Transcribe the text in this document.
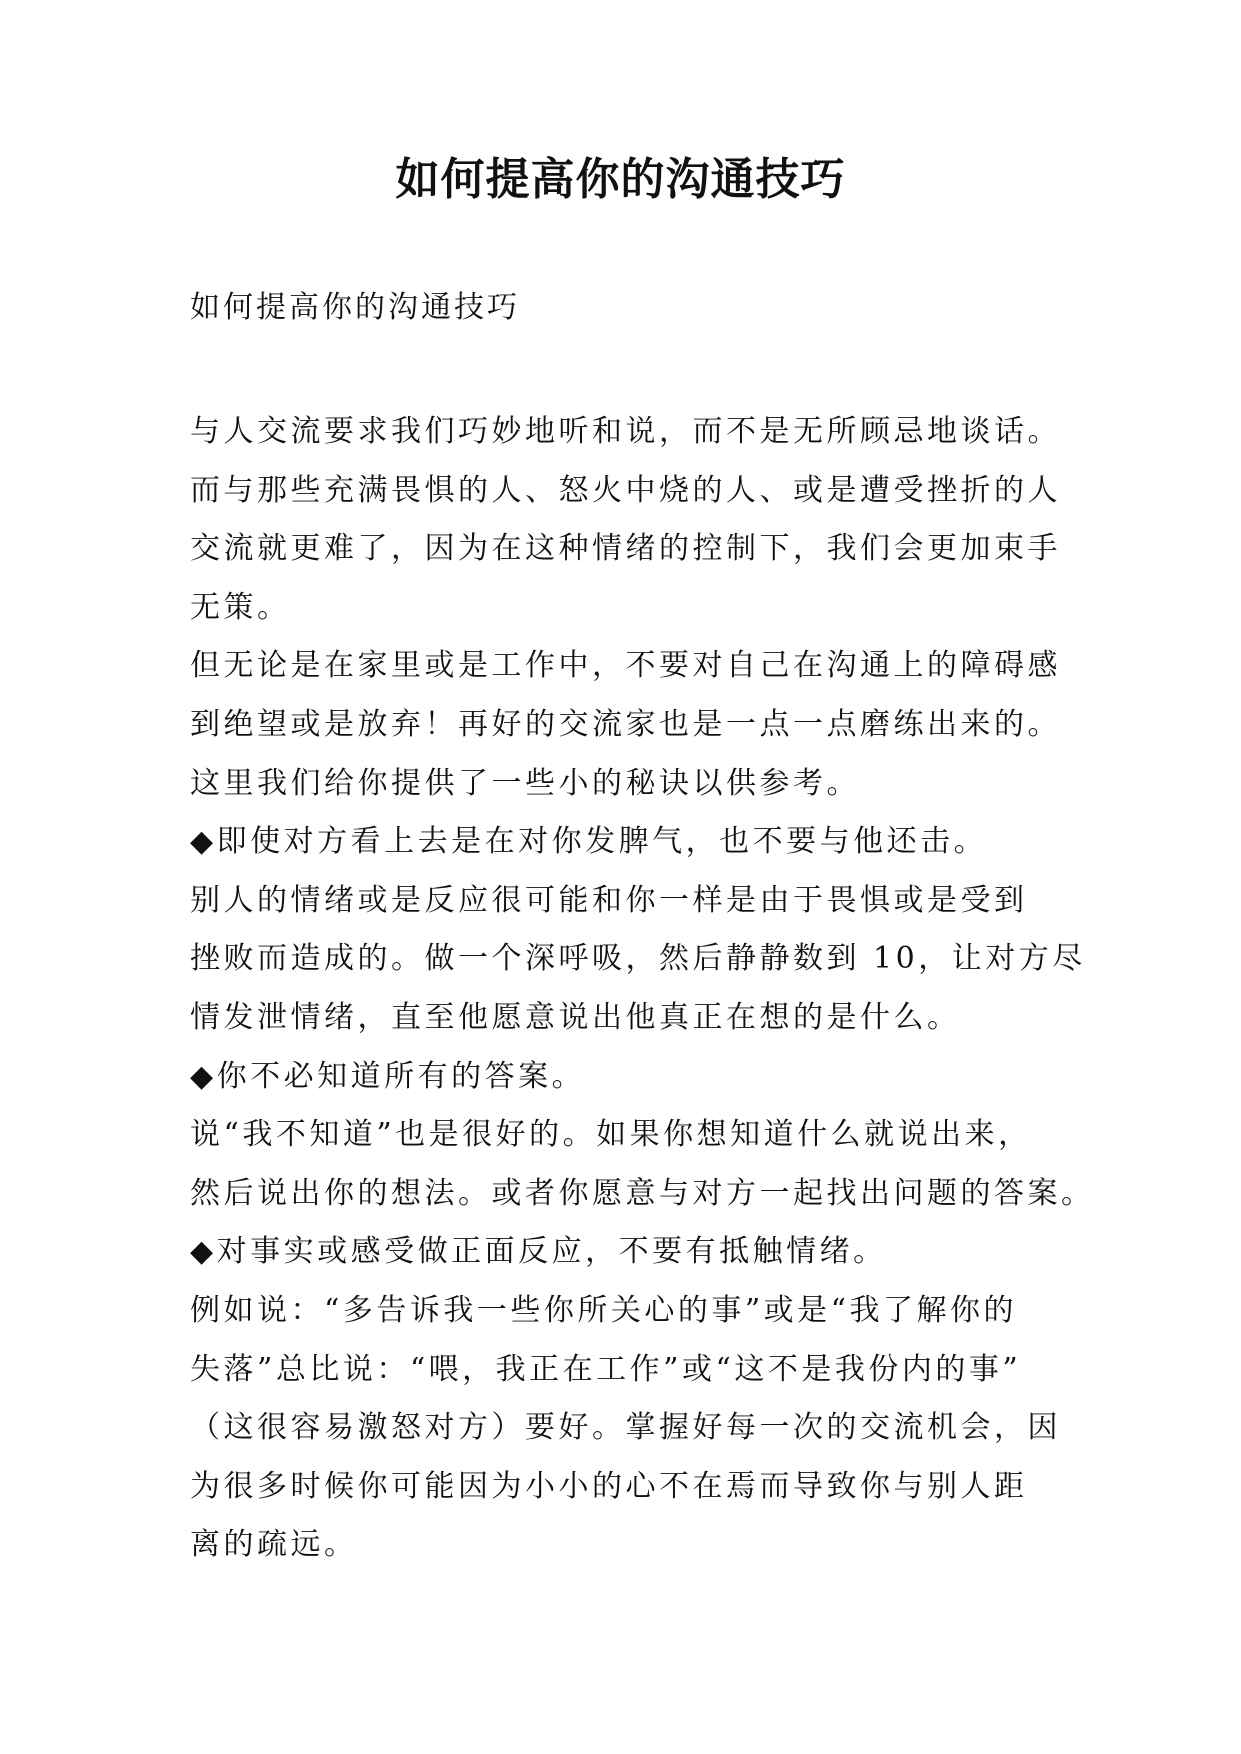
如何提高你的沟通技巧

如何提高你的沟通技巧

与人交流要求我们巧妙地听和说，而不是无所顾忌地谈话。
而与那些充满畏惧的人、怒火中烧的人、或是遭受挫折的人
交流就更难了，因为在这种情绪的控制下，我们会更加束手
无策。
但无论是在家里或是工作中，不要对自己在沟通上的障碍感
到绝望或是放弃！再好的交流家也是一点一点磨练出来的。
这里我们给你提供了一些小的秘诀以供参考。
◆即使对方看上去是在对你发脾气，也不要与他还击。
别人的情绪或是反应很可能和你一样是由于畏惧或是受到
挫败而造成的。做一个深呼吸，然后静静数到 10，让对方尽
情发泄情绪，直至他愿意说出他真正在想的是什么。
◆你不必知道所有的答案。
说“我不知道”也是很好的。如果你想知道什么就说出来，
然后说出你的想法。或者你愿意与对方一起找出问题的答案。
◆对事实或感受做正面反应，不要有抵触情绪。
例如说：“多告诉我一些你所关心的事”或是“我了解你的
失落”总比说：“喂，我正在工作”或“这不是我份内的事”
（这很容易激怒对方）要好。掌握好每一次的交流机会，因
为很多时候你可能因为小小的心不在焉而导致你与别人距
离的疏远。
